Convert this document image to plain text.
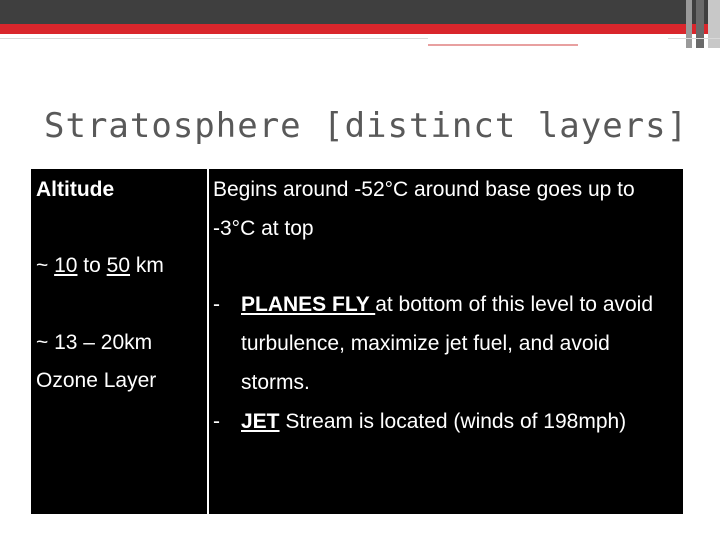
Stratosphere [distinct layers]
Altitude
~ 10 to 50 km
~ 13 – 20km
Ozone Layer
Begins around -52°C around base goes up to -3°C at top
- PLANES FLY at bottom of this level to avoid turbulence, maximize jet fuel, and avoid storms.
- JET Stream is located (winds of 198mph)
